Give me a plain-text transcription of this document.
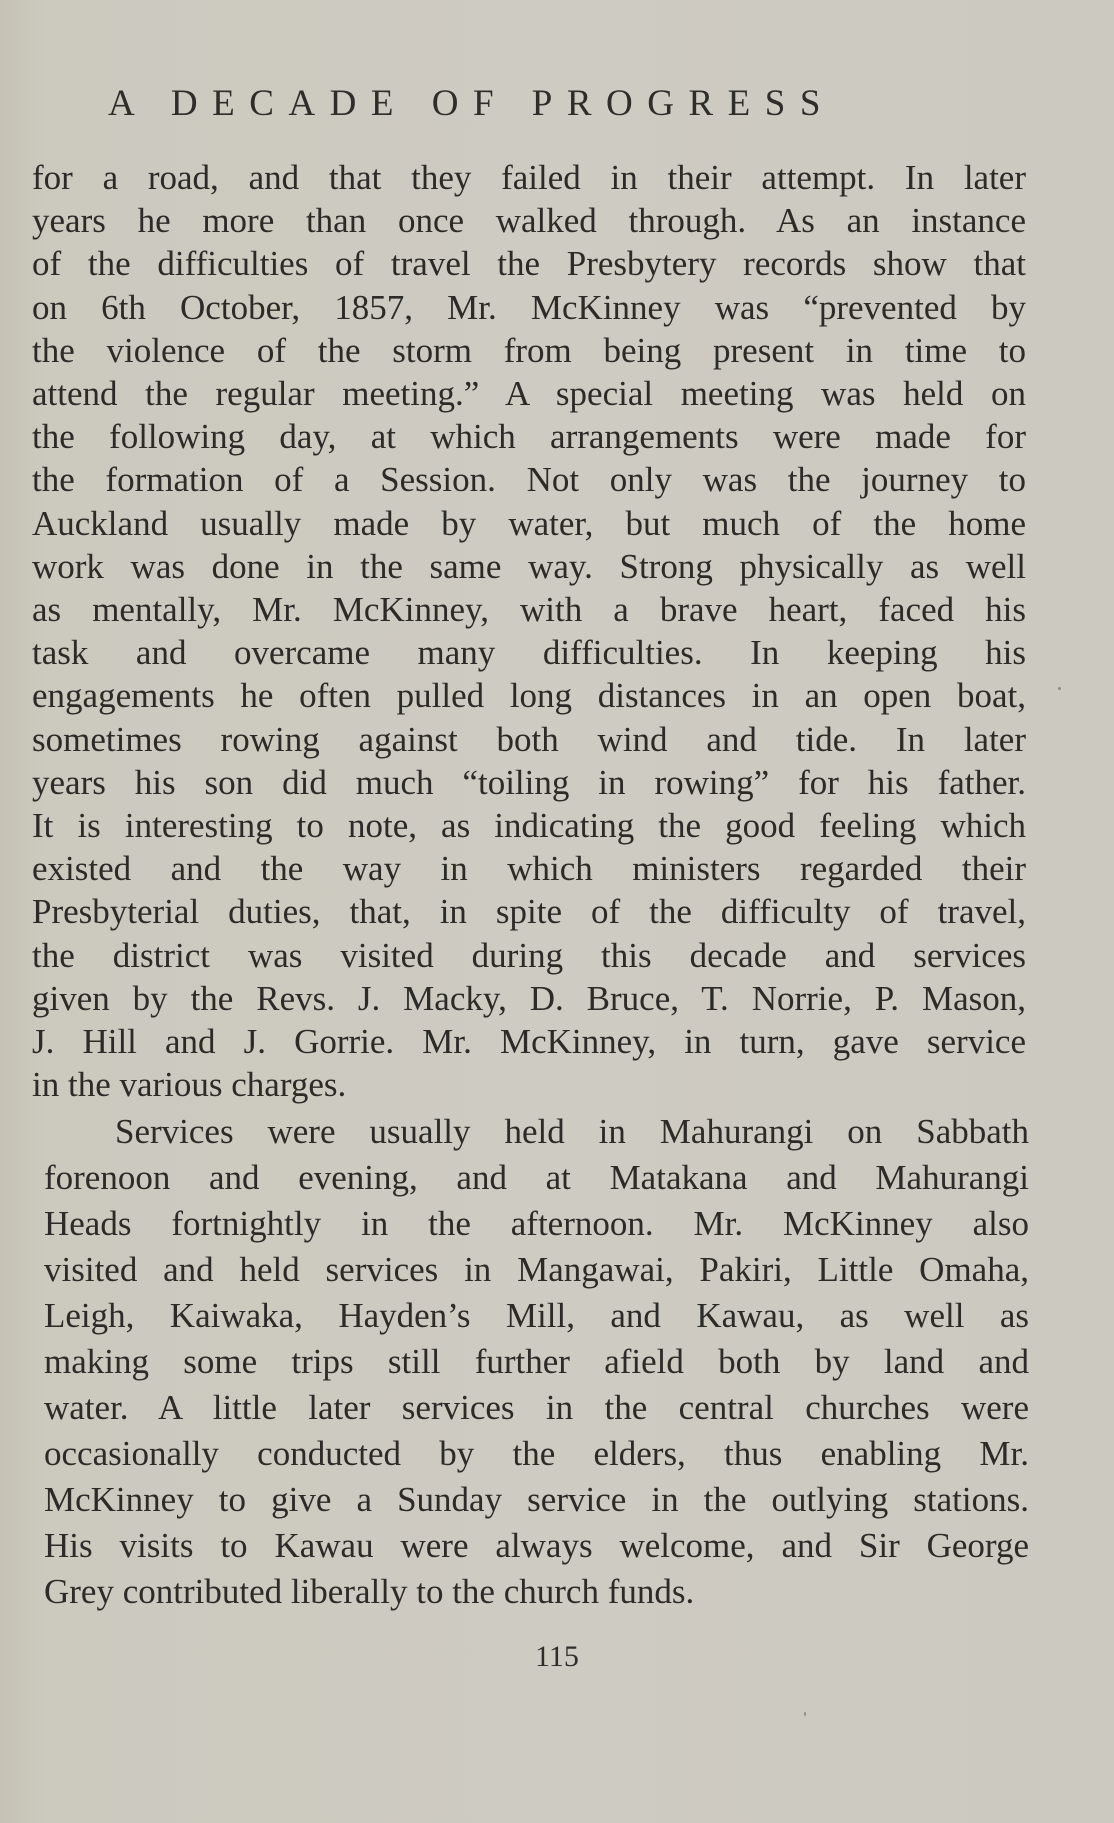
A DECADE OF PROGRESS
for a road, and that they failed in their attempt. In later
years he more than once walked through. As an instance
of the difficulties of travel the Presbytery records show that
on 6th October, 1857, Mr. McKinney was “prevented by
the violence of the storm from being present in time to
attend the regular meeting.” A special meeting was held on
the following day, at which arrangements were made for
the formation of a Session. Not only was the journey to
Auckland usually made by water, but much of the home
work was done in the same way. Strong physically as well
as mentally, Mr. McKinney, with a brave heart, faced his
task and overcame many difficulties. In keeping his
engagements he often pulled long distances in an open boat,
sometimes rowing against both wind and tide. In later
years his son did much “toiling in rowing” for his father.
It is interesting to note, as indicating the good feeling which
existed and the way in which ministers regarded their
Presbyterial duties, that, in spite of the difficulty of travel,
the district was visited during this decade and services
given by the Revs. J. Macky, D. Bruce, T. Norrie, P. Mason,
J. Hill and J. Gorrie. Mr. McKinney, in turn, gave service
in the various charges.
Services were usually held in Mahurangi on Sabbath
forenoon and evening, and at Matakana and Mahurangi
Heads fortnightly in the afternoon. Mr. McKinney also
visited and held services in Mangawai, Pakiri, Little Omaha,
Leigh, Kaiwaka, Hayden’s Mill, and Kawau, as well as
making some trips still further afield both by land and
water. A little later services in the central churches were
occasionally conducted by the elders, thus enabling Mr.
McKinney to give a Sunday service in the outlying stations.
His visits to Kawau were always welcome, and Sir George
Grey contributed liberally to the church funds.
115
